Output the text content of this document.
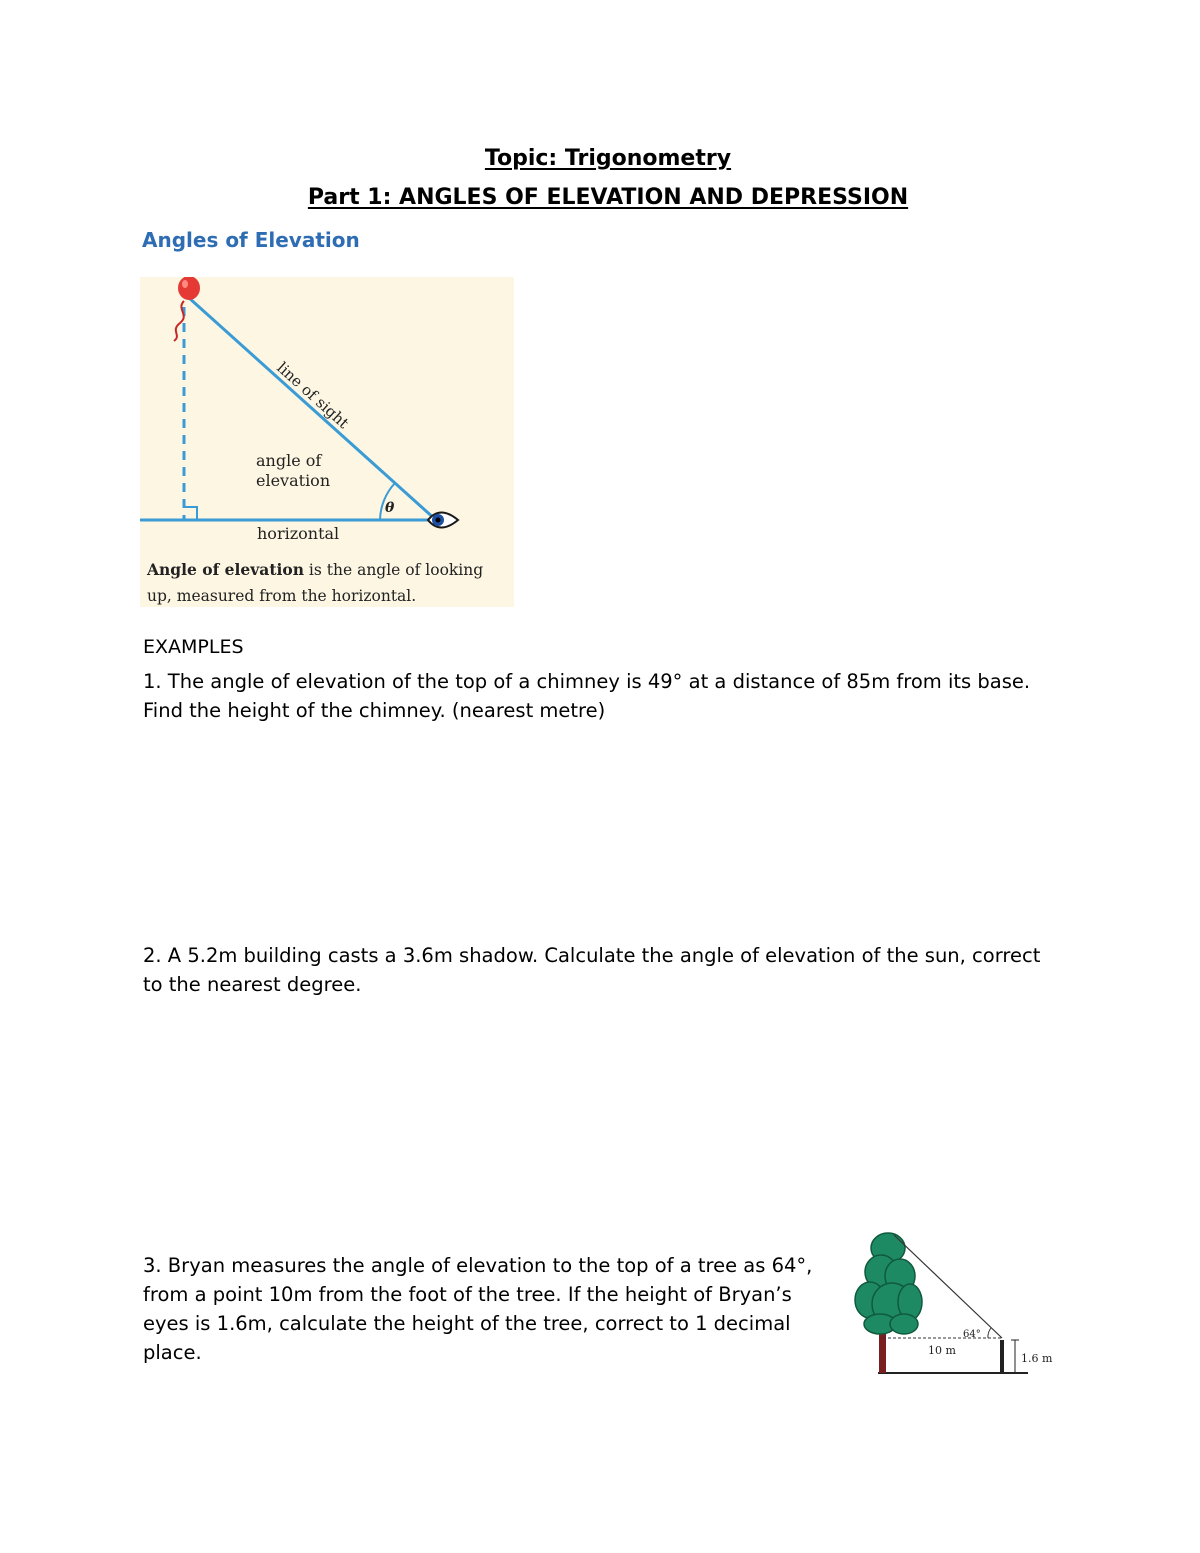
Topic: Trigonometry
Part 1: ANGLES OF ELEVATION AND DEPRESSION
Angles of Elevation
line of sight
angle of
elevation
θ
horizontal

Angle of elevation is the angle of looking up, measured from the horizontal.

EXAMPLES

1. The angle of elevation of the top of a chimney is 49° at a distance of 85m from its base. Find the height of the chimney. (nearest metre)

2. A 5.2m building casts a 3.6m shadow. Calculate the angle of elevation of the sun, correct to the nearest degree.

3. Bryan measures the angle of elevation to the top of a tree as 64°, from a point 10m from the foot of the tree. If the height of Bryan’s eyes is 1.6m, calculate the height of the tree, correct to 1 decimal place.

64°
10 m
1.6 m
